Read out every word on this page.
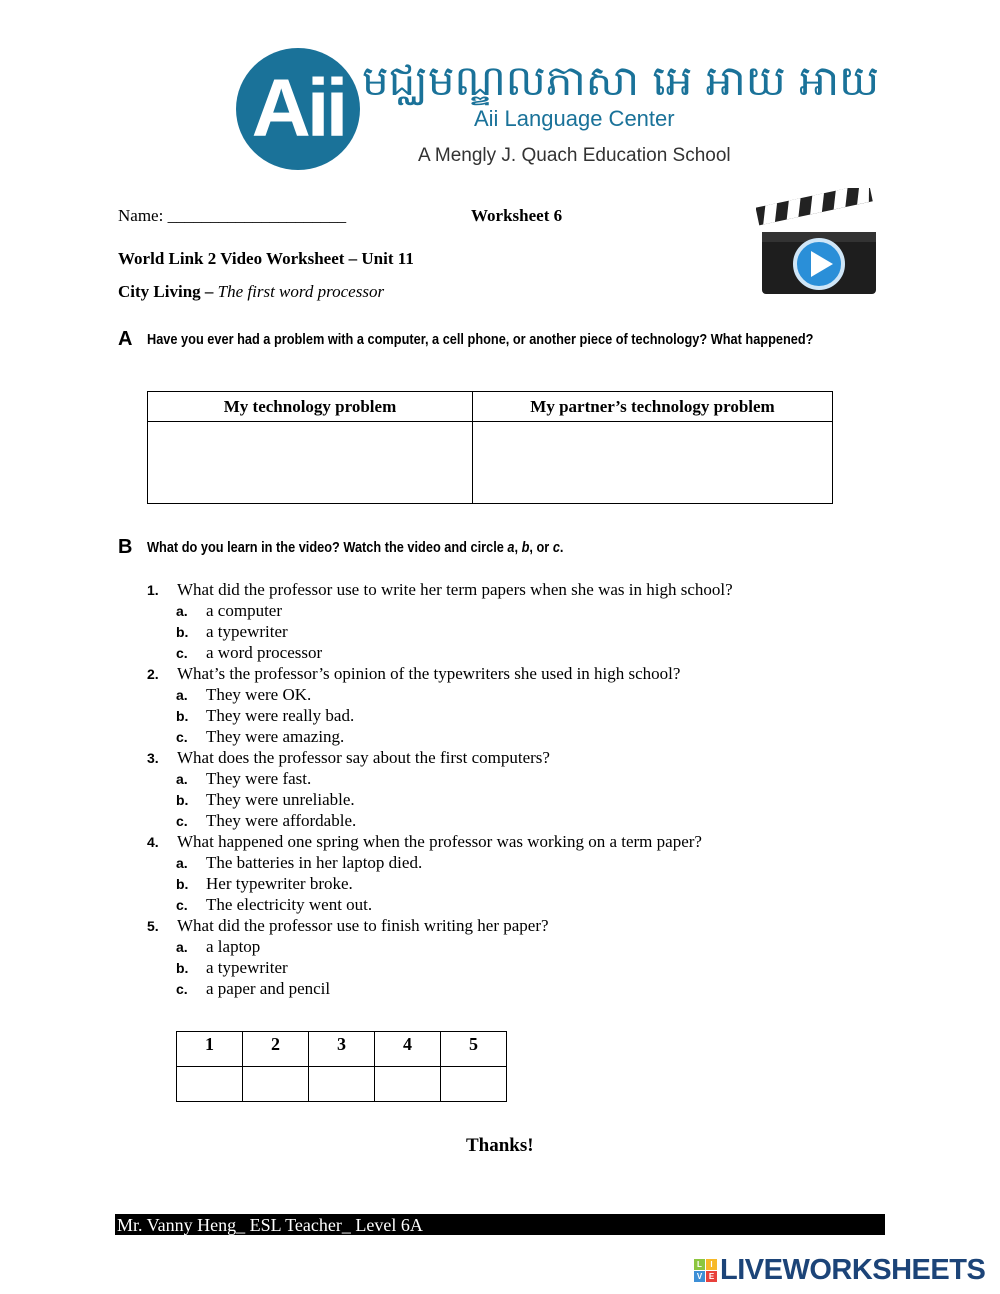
Aii មជ្ឈមណ្ឌលភាសា អេ អាយ អាយ
Aii Language Center
A Mengly J. Quach Education School
Name: _____________________	Worksheet 6
World Link 2 Video Worksheet – Unit 11
City Living – The first word processor
A Have you ever had a problem with a computer, a cell phone, or another piece of technology? What happened?
My technology problem	My partner’s technology problem

B What do you learn in the video? Watch the video and circle a, b, or c.
1. What did the professor use to write her term papers when she was in high school?
a. a computer
b. a typewriter
c. a word processor
2. What’s the professor’s opinion of the typewriters she used in high school?
a. They were OK.
b. They were really bad.
c. They were amazing.
3. What does the professor say about the first computers?
a. They were fast.
b. They were unreliable.
c. They were affordable.
4. What happened one spring when the professor was working on a term paper?
a. The batteries in her laptop died.
b. Her typewriter broke.
c. The electricity went out.
5. What did the professor use to finish writing her paper?
a. a laptop
b. a typewriter
c. a paper and pencil
1	2	3	4	5

Thanks!
Mr. Vanny Heng_ ESL Teacher_ Level 6A
L	I
V E LIVEWORKSHEETS
